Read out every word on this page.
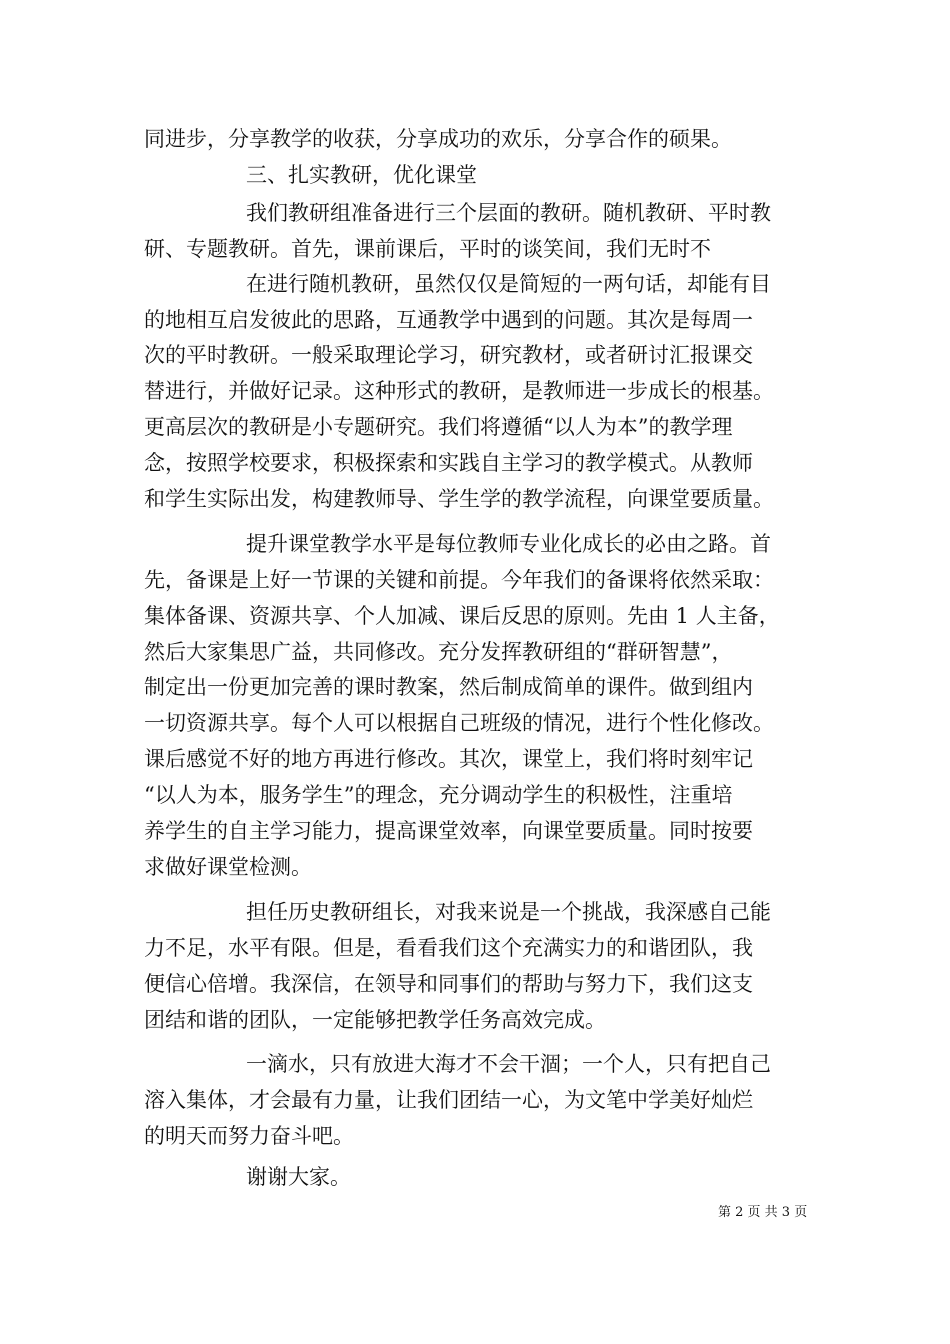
同进步，分享教学的收获，分享成功的欢乐，分享合作的硕果。
三、扎实教研，优化课堂
我们教研组准备进行三个层面的教研。随机教研、平时教
研、专题教研。首先，课前课后，平时的谈笑间，我们无时不
在进行随机教研，虽然仅仅是简短的一两句话，却能有目
的地相互启发彼此的思路，互通教学中遇到的问题。其次是每周一
次的平时教研。一般采取理论学习，研究教材，或者研讨汇报课交
替进行，并做好记录。这种形式的教研，是教师进一步成长的根基。
更高层次的教研是小专题研究。我们将遵循“以人为本”的教学理
念，按照学校要求，积极探索和实践自主学习的教学模式。从教师
和学生实际出发，构建教师导、学生学的教学流程，向课堂要质量。
提升课堂教学水平是每位教师专业化成长的必由之路。首
先，备课是上好一节课的关键和前提。今年我们的备课将依然采取：
集体备课、资源共享、个人加减、课后反思的原则。先由 1 人主备，
然后大家集思广益，共同修改。充分发挥教研组的“群研智慧”，
制定出一份更加完善的课时教案，然后制成简单的课件。做到组内
一切资源共享。每个人可以根据自己班级的情况，进行个性化修改。
课后感觉不好的地方再进行修改。其次，课堂上，我们将时刻牢记
“以人为本，服务学生”的理念，充分调动学生的积极性，注重培
养学生的自主学习能力，提高课堂效率，向课堂要质量。同时按要
求做好课堂检测。
担任历史教研组长，对我来说是一个挑战，我深感自己能
力不足，水平有限。但是，看看我们这个充满实力的和谐团队，我
便信心倍增。我深信，在领导和同事们的帮助与努力下，我们这支
团结和谐的团队，一定能够把教学任务高效完成。
一滴水，只有放进大海才不会干涸；一个人，只有把自己
溶入集体，才会最有力量，让我们团结一心，为文笔中学美好灿烂
的明天而努力奋斗吧。
谢谢大家。
第 2 页 共 3 页
